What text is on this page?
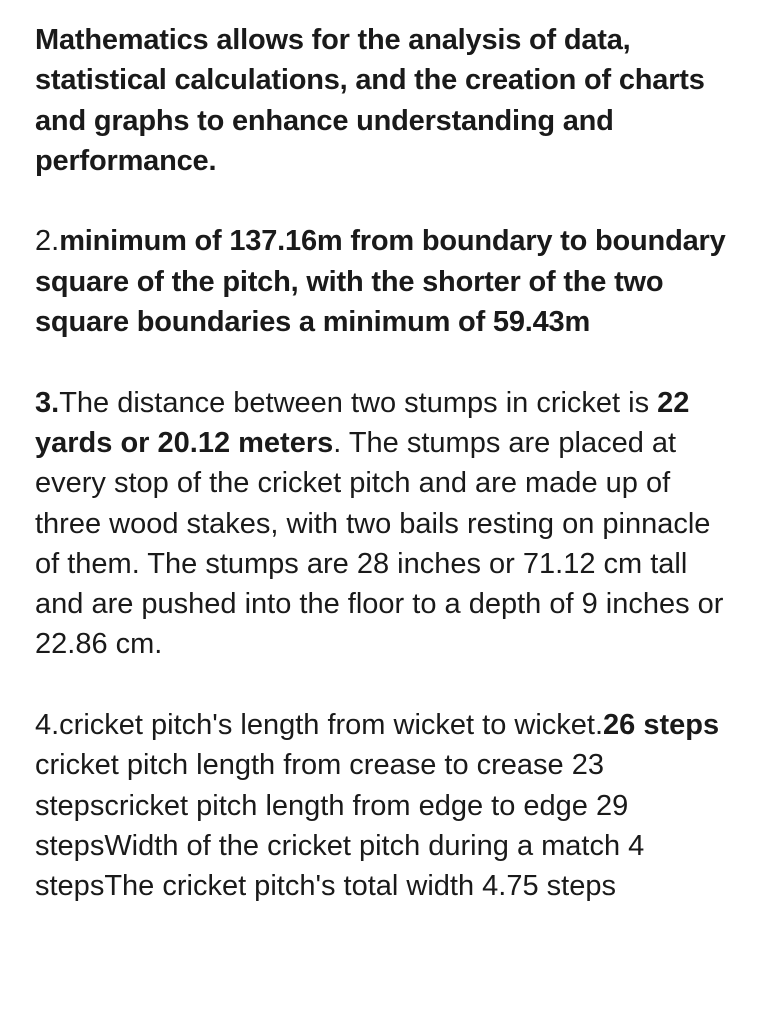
Mathematics allows for the analysis of data, statistical calculations, and the creation of charts and graphs to enhance understanding and performance.

2.minimum of 137.16m from boundary to boundary square of the pitch, with the shorter of the two square boundaries a minimum of 59.43m

3.The distance between two stumps in cricket is 22 yards or 20.12 meters. The stumps are placed at every stop of the cricket pitch and are made up of three wood stakes, with two bails resting on pinnacle of them. The stumps are 28 inches or 71.12 cm tall and are pushed into the floor to a depth of 9 inches or 22.86 cm.

4.cricket pitch's length from wicket to wicket.26 steps cricket pitch length from crease to crease 23 stepscricket pitch length from edge to edge 29 stepsWidth of the cricket pitch during a match 4 stepsThe cricket pitch's total width 4.75 steps
